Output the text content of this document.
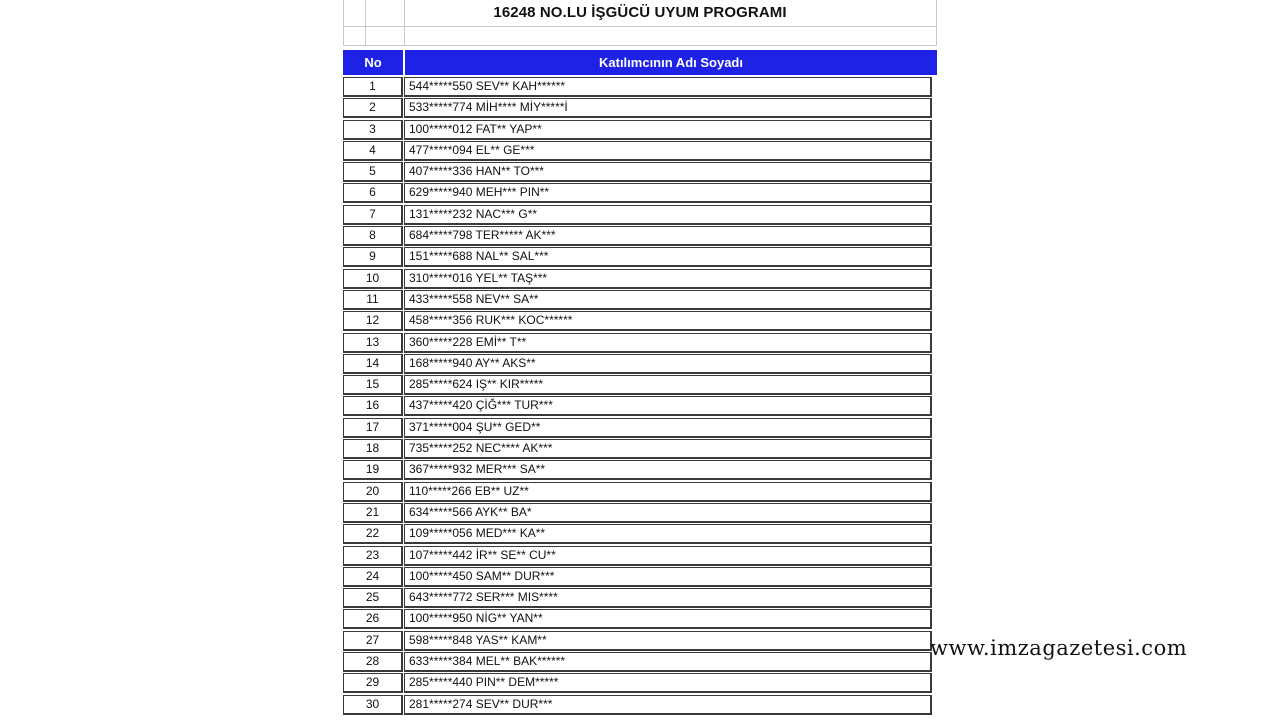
16248 NO.LU İŞGÜCÜ UYUM PROGRAMI
No	Katılımcının Adı Soyadı
1	544*****550 SEV** KAH******
2	533*****774 MİH**** MİY*****İ
3	100*****012 FAT** YAP**
4	477*****094 EL** GE***
5	407*****336 HAN** TO***
6	629*****940 MEH*** PIN**
7	131*****232 NAC*** G**
8	684*****798 TER***** AK***
9	151*****688 NAL** SAL***
10	310*****016 YEL** TAŞ***
11	433*****558 NEV** SA**
12	458*****356 RUK*** KOC******
13	360*****228 EMİ** T**
14	168*****940 AY** AKS**
15	285*****624 IŞ** KIR*****
16	437*****420 ÇİĞ*** TUR***
17	371*****004 ŞU** GED**
18	735*****252 NEC**** AK***
19	367*****932 MER*** SA**
20	110*****266 EB** UZ**
21	634*****566 AYK** BA*
22	109*****056 MED*** KA**
23	107*****442 İR** SE** CU**
24	100*****450 SAM** DUR***
25	643*****772 SER*** MIS****
26	100*****950 NİG** YAN**
27	598*****848 YAS** KAM**
28	633*****384 MEL** BAK******
29	285*****440 PIN** DEM*****
30	281*****274 SEV** DUR***
www.imzagazetesi.com
